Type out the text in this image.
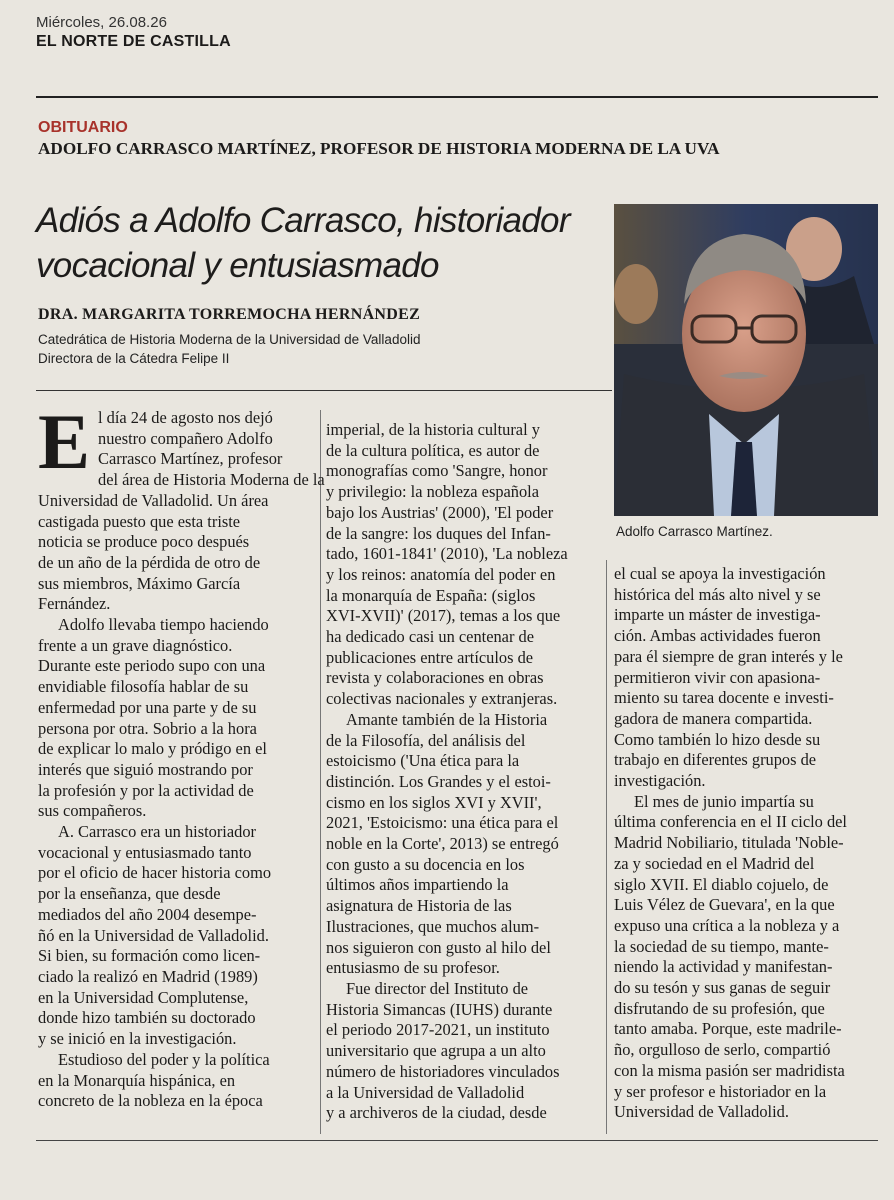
Miércoles, 26.08.26
EL NORTE DE CASTILLA
OBITUARIO
ADOLFO CARRASCO MARTÍNEZ, PROFESOR DE HISTORIA MODERNA DE LA UVA
Adiós a Adolfo Carrasco, historiador vocacional y entusiasmado
DRA. MARGARITA TORREMOCHA HERNÁNDEZ
Catedrática de Historia Moderna de la Universidad de Valladolid
Directora de la Cátedra Felipe II
Adolfo Carrasco Martínez.

E l día 24 de agosto nos dejó
nuestro compañero Adolfo
Carrasco Martínez, profesor
del área de Historia Moderna de la
Universidad de Valladolid. Un área
castigada puesto que esta triste
noticia se produce poco después
de un año de la pérdida de otro de
sus miembros, Máximo García
Fernández.

Adolfo llevaba tiempo haciendo
frente a un grave diagnóstico.
Durante este periodo supo con una
envidiable filosofía hablar de su
enfermedad por una parte y de su
persona por otra. Sobrio a la hora
de explicar lo malo y pródigo en el
interés que siguió mostrando por
la profesión y por la actividad de
sus compañeros.

A. Carrasco era un historiador
vocacional y entusiasmado tanto
por el oficio de hacer historia como
por la enseñanza, que desde
mediados del año 2004 desempe-
ñó en la Universidad de Valladolid.
Si bien, su formación como licen-
ciado la realizó en Madrid (1989)
en la Universidad Complutense,
donde hizo también su doctorado
y se inició en la investigación.

Estudioso del poder y la política
en la Monarquía hispánica, en
concreto de la nobleza en la época

imperial, de la historia cultural y
de la cultura política, es autor de
monografías como 'Sangre, honor
y privilegio: la nobleza española
bajo los Austrias' (2000), 'El poder
de la sangre: los duques del Infan-
tado, 1601-1841' (2010), 'La nobleza
y los reinos: anatomía del poder en
la monarquía de España: (siglos
XVI-XVII)' (2017), temas a los que
ha dedicado casi un centenar de
publicaciones entre artículos de
revista y colaboraciones en obras
colectivas nacionales y extranjeras.

Amante también de la Historia
de la Filosofía, del análisis del
estoicismo ('Una ética para la
distinción. Los Grandes y el estoi-
cismo en los siglos XVI y XVII',
2021, 'Estoicismo: una ética para el
noble en la Corte', 2013) se entregó
con gusto a su docencia en los
últimos años impartiendo la
asignatura de Historia de las
Ilustraciones, que muchos alum-
nos siguieron con gusto al hilo del
entusiasmo de su profesor.

Fue director del Instituto de
Historia Simancas (IUHS) durante
el periodo 2017-2021, un instituto
universitario que agrupa a un alto
número de historiadores vinculados
a la Universidad de Valladolid
y a archiveros de la ciudad, desde

el cual se apoya la investigación
histórica del más alto nivel y se
imparte un máster de investiga-
ción. Ambas actividades fueron
para él siempre de gran interés y le
permitieron vivir con apasiona-
miento su tarea docente e investi-
gadora de manera compartida.
Como también lo hizo desde su
trabajo en diferentes grupos de
investigación.

El mes de junio impartía su
última conferencia en el II ciclo del
Madrid Nobiliario, titulada 'Noble-
za y sociedad en el Madrid del
siglo XVII. El diablo cojuelo, de
Luis Vélez de Guevara', en la que
expuso una crítica a la nobleza y a
la sociedad de su tiempo, mante-
niendo la actividad y manifestan-
do su tesón y sus ganas de seguir
disfrutando de su profesión, que
tanto amaba. Porque, este madrile-
ño, orgulloso de serlo, compartió
con la misma pasión ser madridista
y ser profesor e historiador en la
Universidad de Valladolid.
